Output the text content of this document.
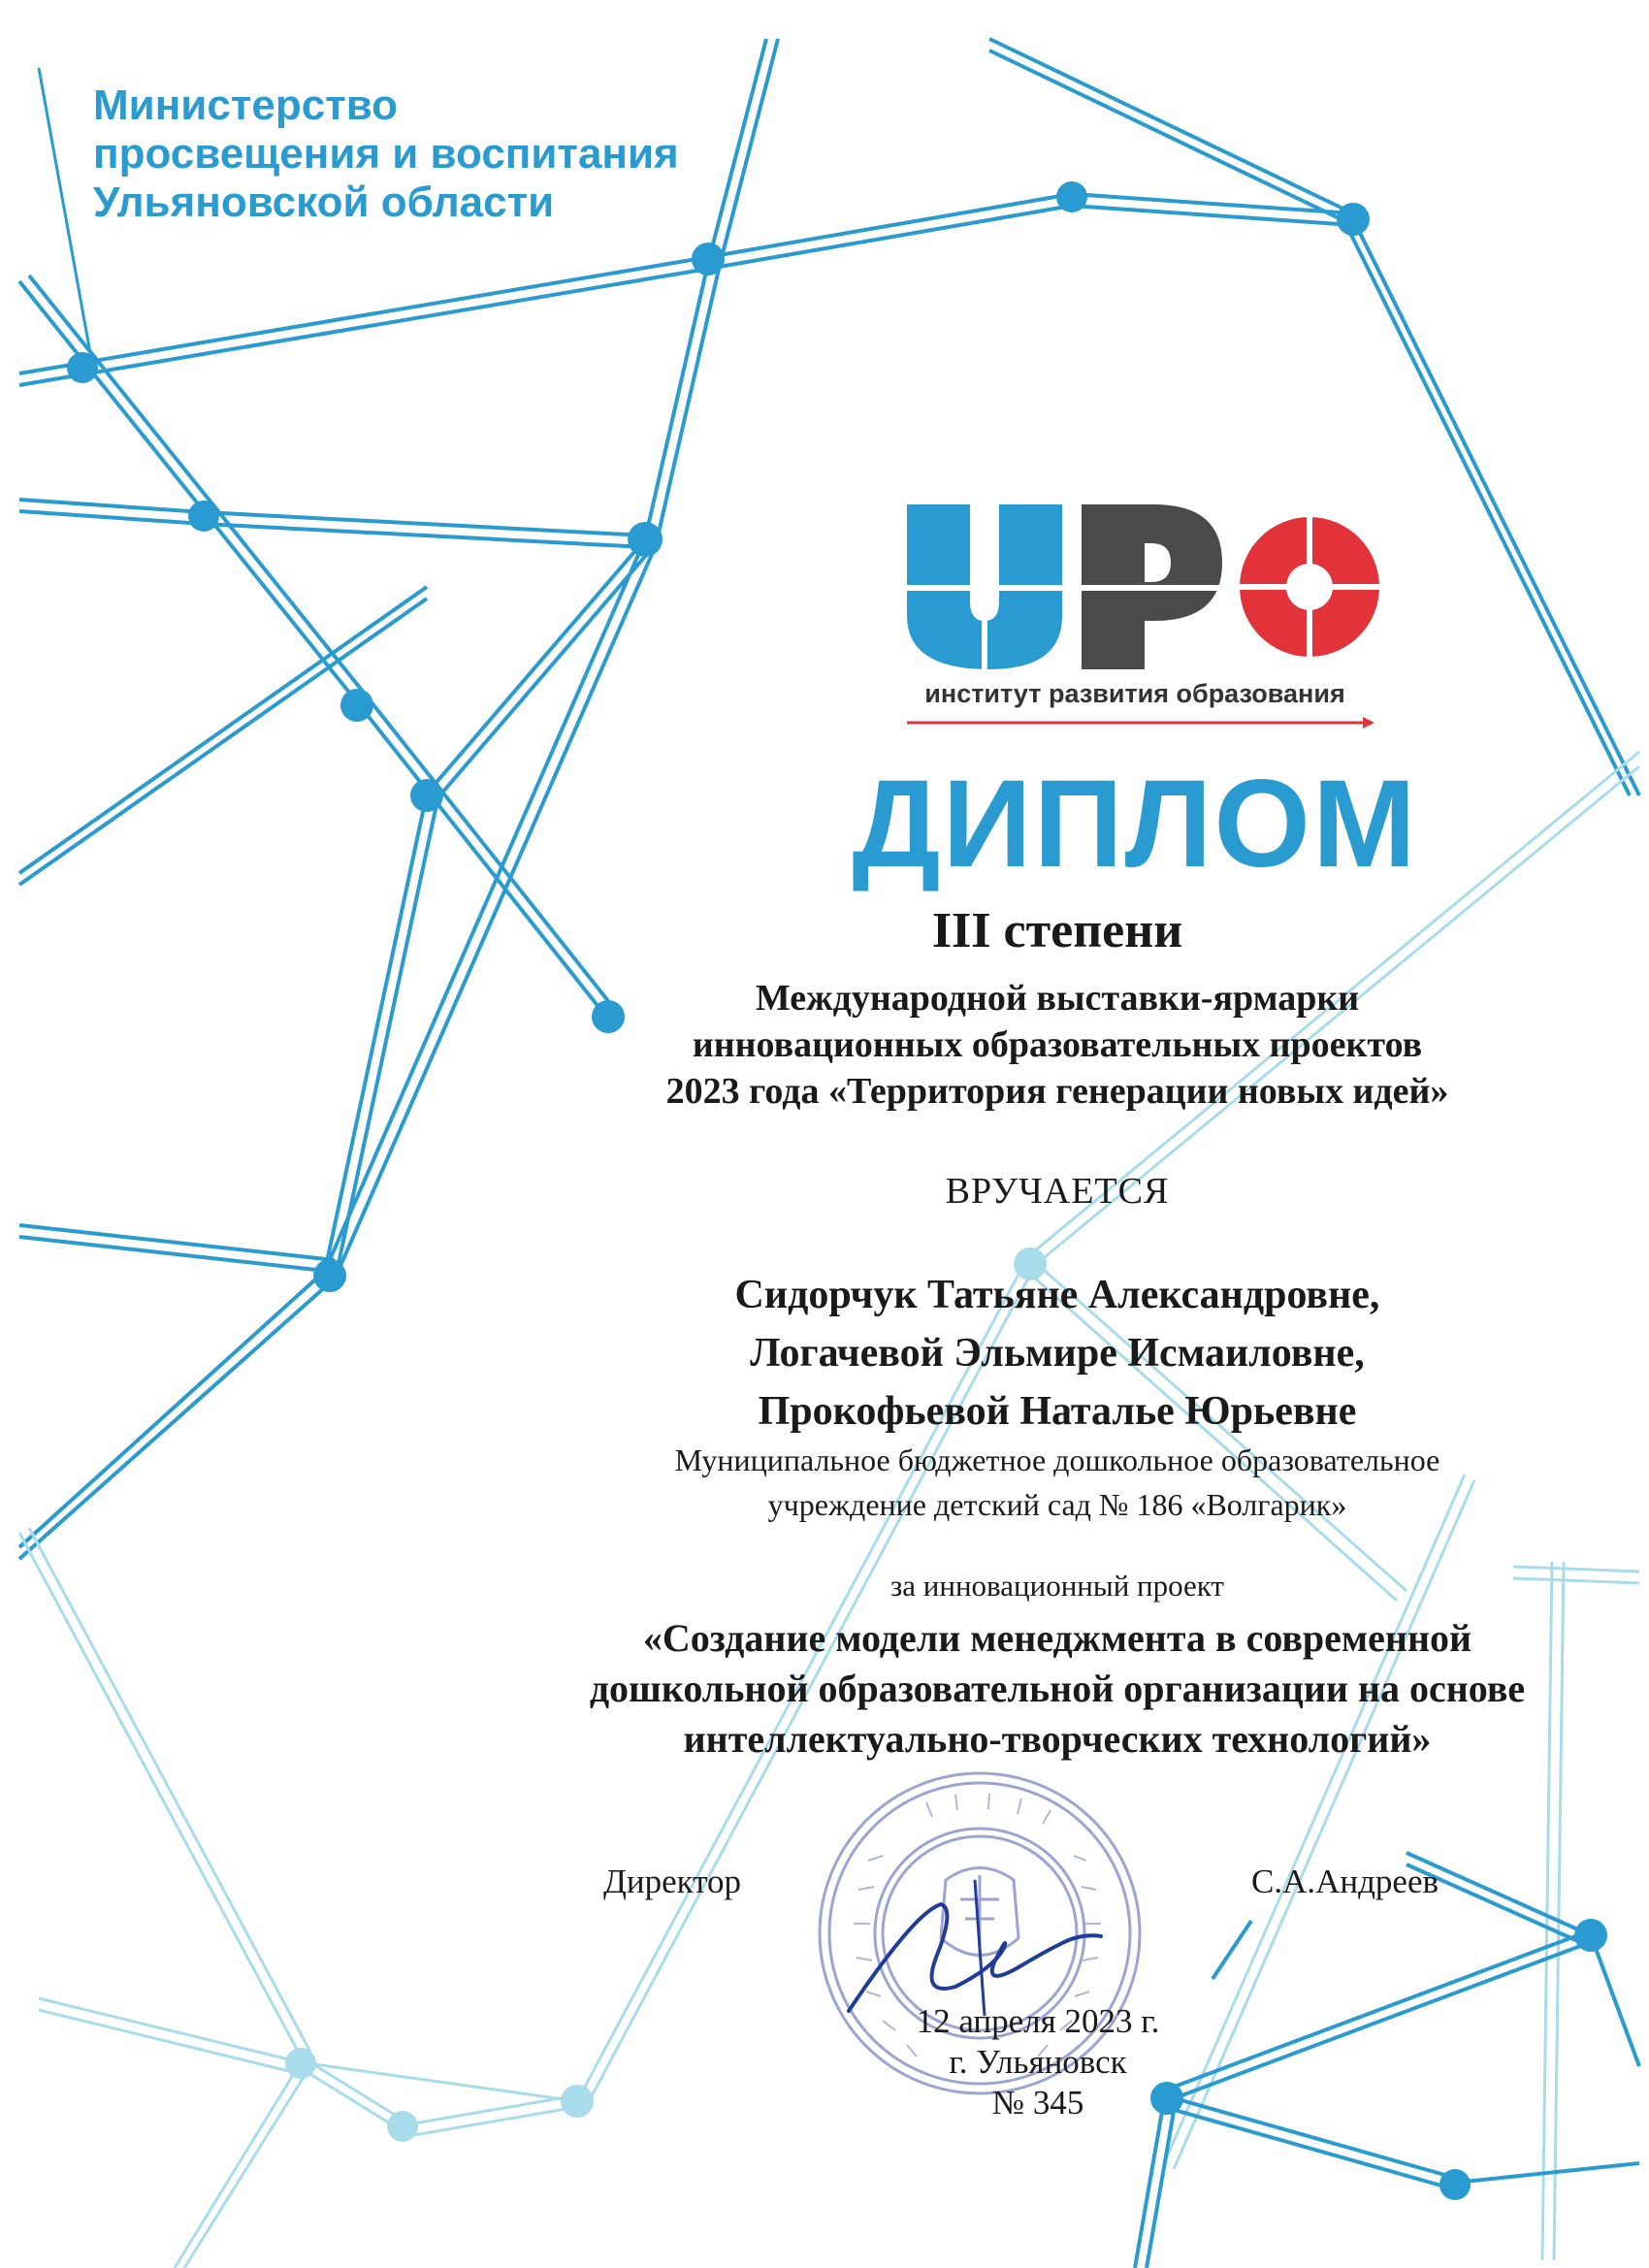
Министерство
просвещения и воспитания
Ульяновской области
институт развития образования
ДИПЛОМ
III степени
Международной выставки-ярмарки
инновационных образовательных проектов
2023 года «Территория генерации новых идей»
ВРУЧАЕТСЯ
Сидорчук Татьяне Александровне,
Логачевой Эльмире Исмаиловне,
Прокофьевой Наталье Юрьевне
Муниципальное бюджетное дошкольное образовательное
учреждение детский сад № 186 «Волгарик»
за инновационный проект
«Создание модели менеджмента в современной
дошкольной образовательной организации на основе
интеллектуально-творческих технологий»
Директор	С.А.Андреев
12 апреля 2023 г.
г. Ульяновск
№ 345
